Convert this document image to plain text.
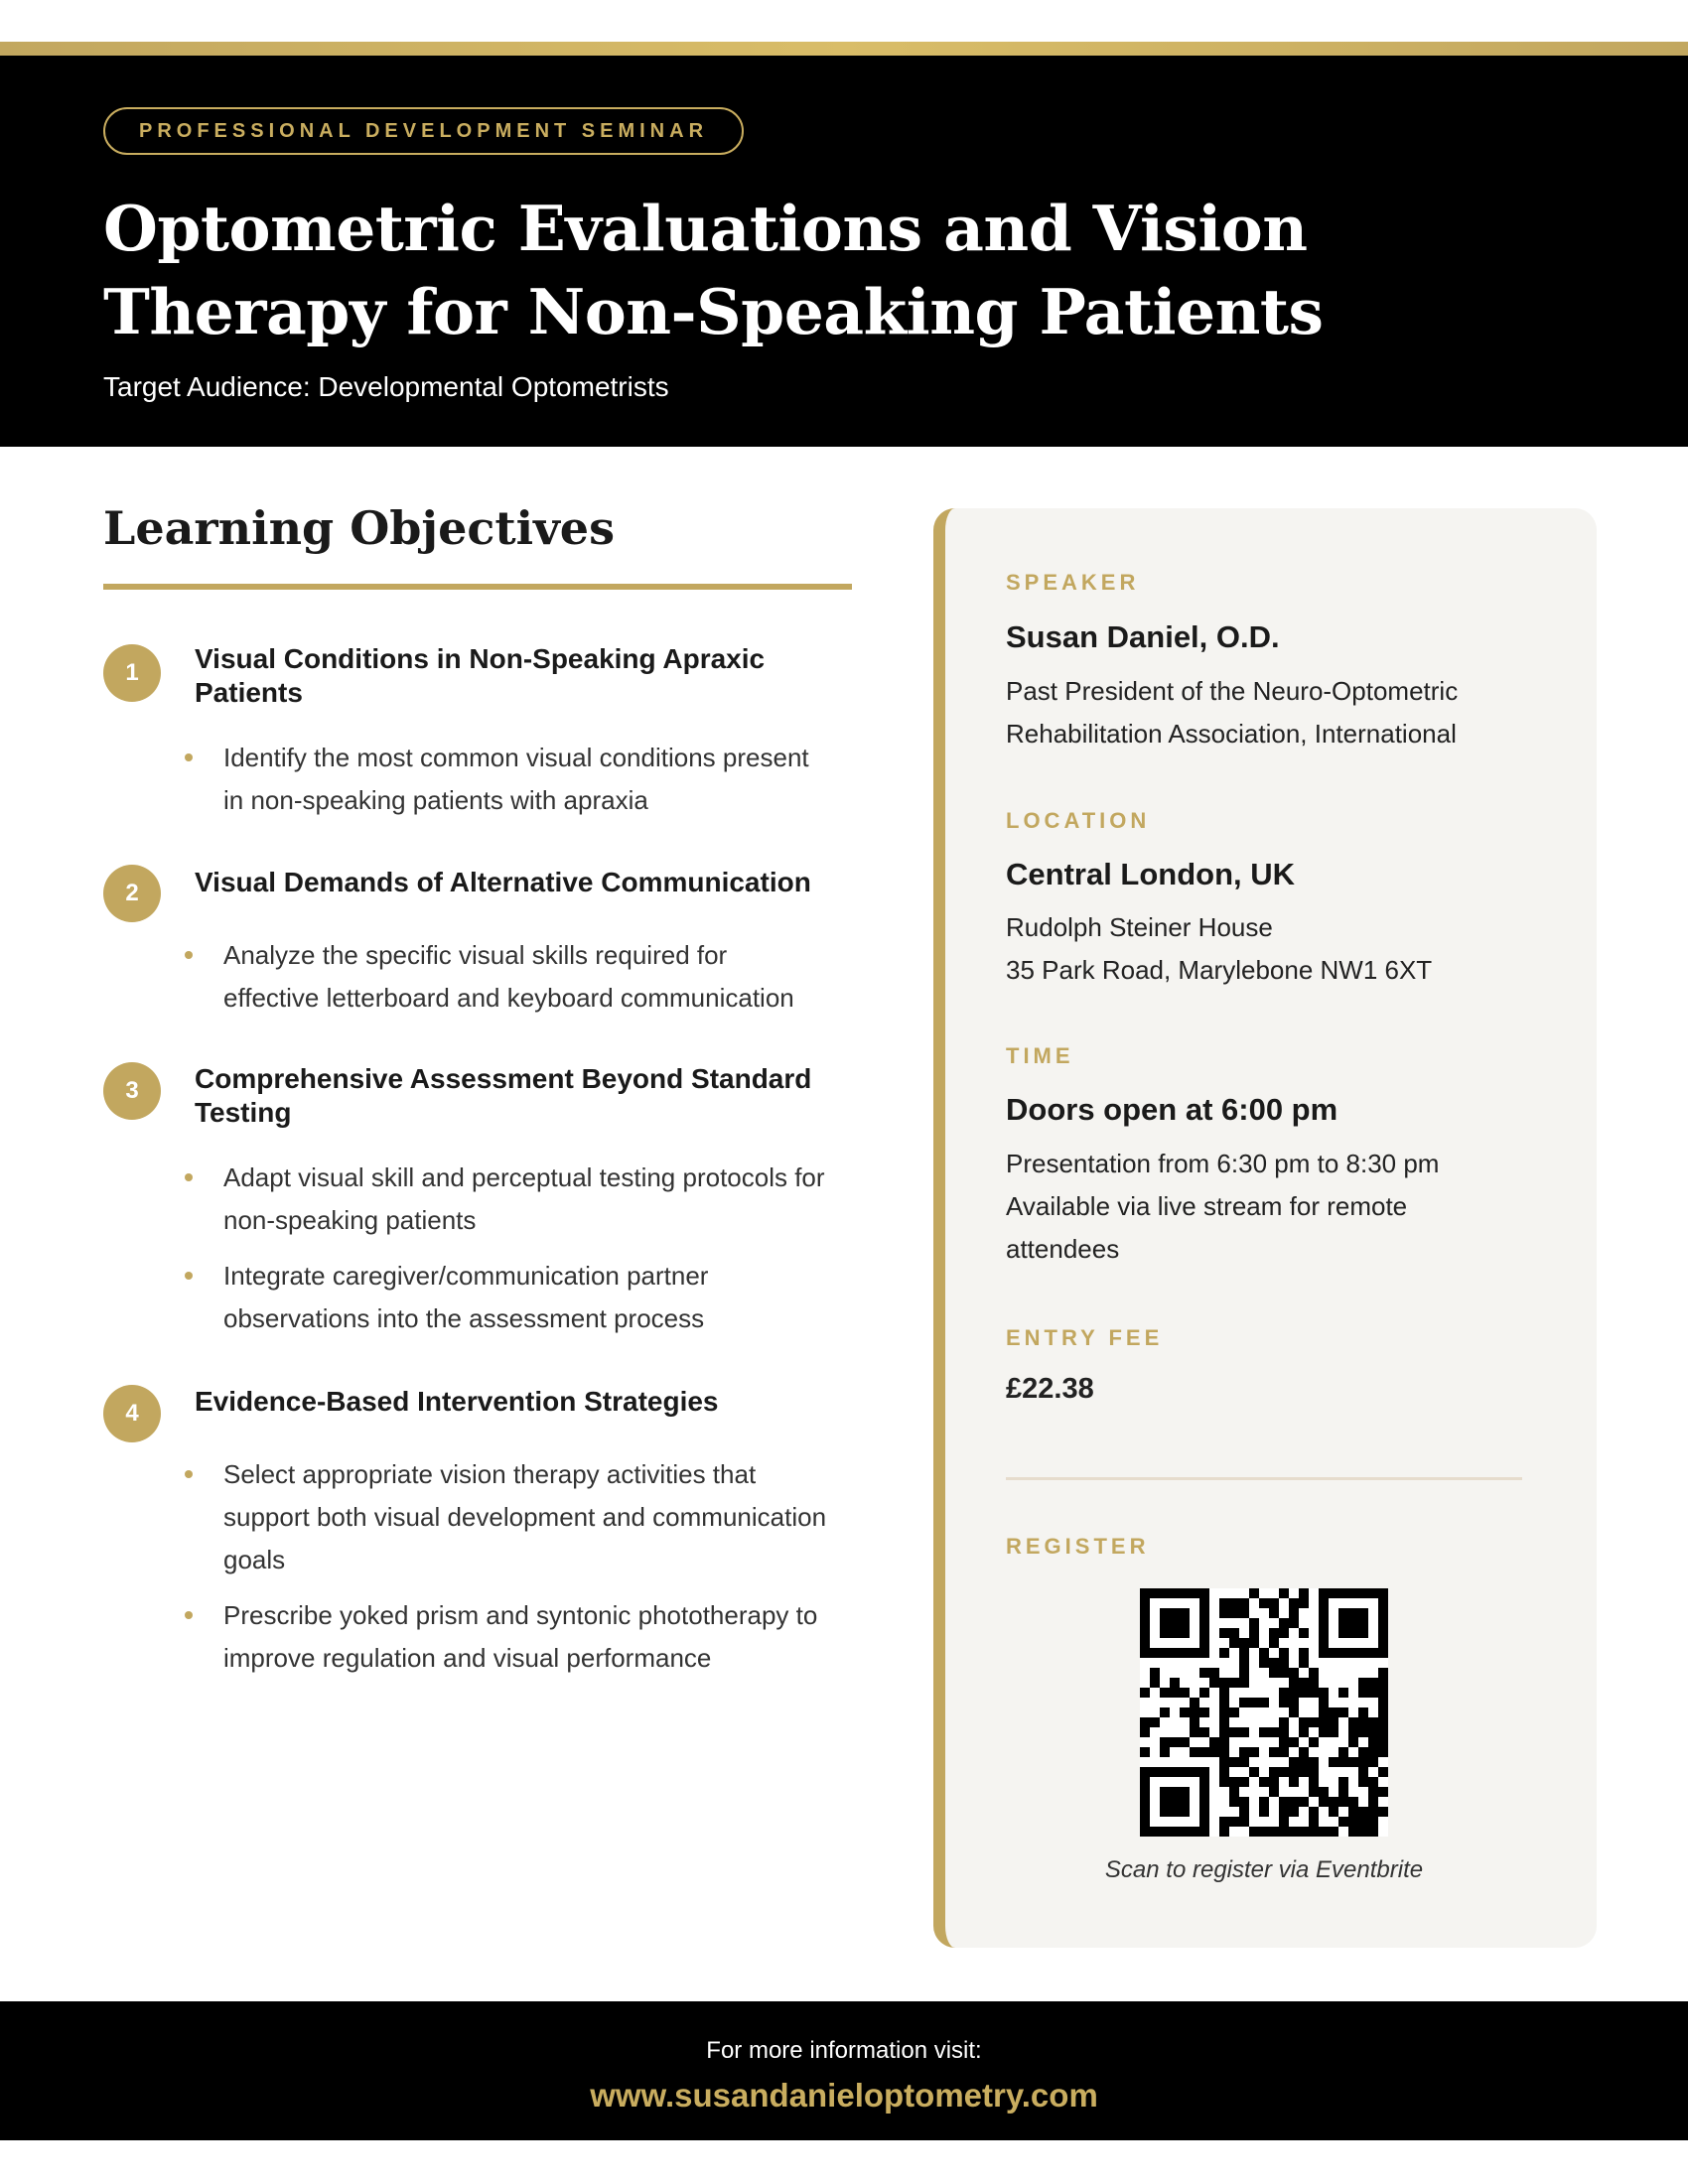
PROFESSIONAL DEVELOPMENT SEMINAR
Optometric Evaluations and Vision
Therapy for Non-Speaking Patients
Target Audience: Developmental Optometrists
Learning Objectives
1	Visual Conditions in Non-Speaking Apraxic
Patients
Identify the most common visual conditions present
in non-speaking patients with apraxia
2	Visual Demands of Alternative Communication
Analyze the specific visual skills required for
effective letterboard and keyboard communication
3	Comprehensive Assessment Beyond Standard
Testing
Adapt visual skill and perceptual testing protocols for
non-speaking patients
Integrate caregiver/communication partner
observations into the assessment process
4	Evidence-Based Intervention Strategies
Select appropriate vision therapy activities that
support both visual development and communication
goals
Prescribe yoked prism and syntonic phototherapy to
improve regulation and visual performance
SPEAKER
Susan Daniel, O.D.
Past President of the Neuro-Optometric
Rehabilitation Association, International
LOCATION
Central London, UK
Rudolph Steiner House
35 Park Road, Marylebone NW1 6XT
TIME
Doors open at 6:00 pm
Presentation from 6:30 pm to 8:30 pm
Available via live stream for remote
attendees
ENTRY FEE
£22.38
REGISTER
Scan to register via Eventbrite
For more information visit:
www.susandanieloptometry.com
